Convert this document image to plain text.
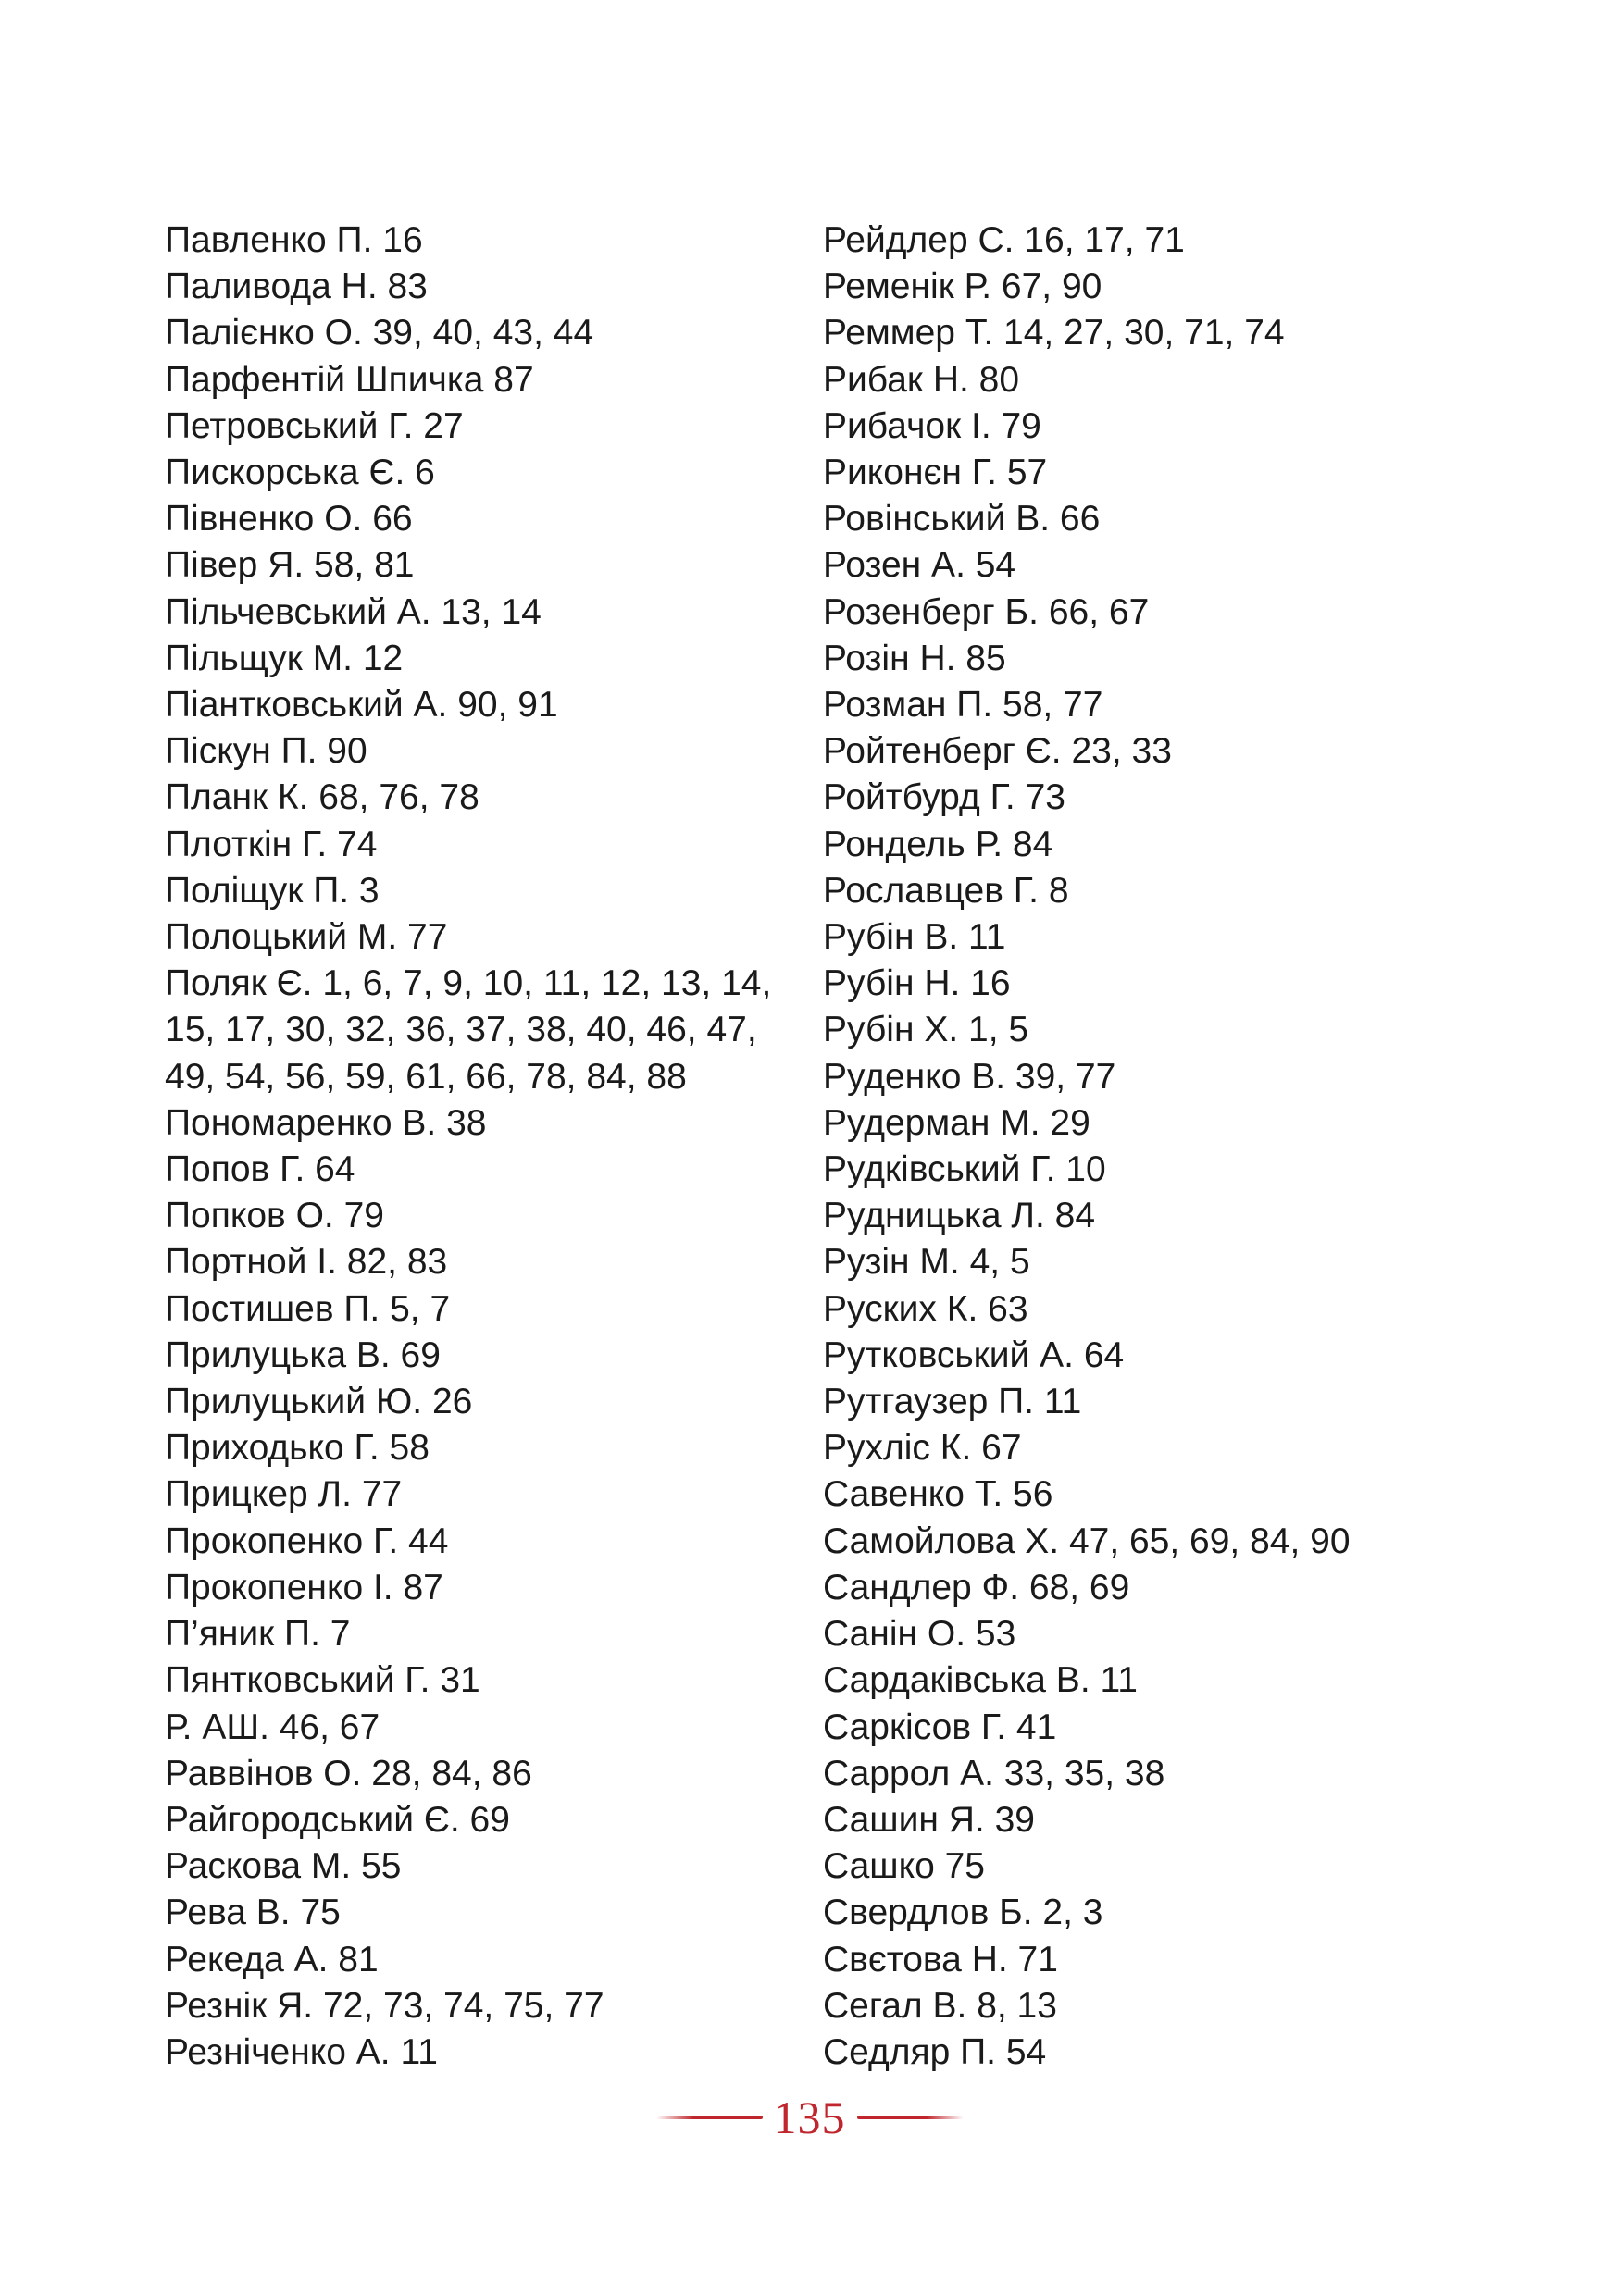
Павленко П. 16
Паливода Н. 83
Палієнко О. 39, 40, 43, 44
Парфентій Шпичка 87
Петровський Г. 27
Пискорська Є. 6
Півненко О. 66
Півер Я. 58, 81
Пільчевський А. 13, 14
Пільщук М. 12
Піантковський А. 90, 91
Піскун П. 90
Планк К. 68, 76, 78
Плоткін Г. 74
Поліщук П. 3
Полоцький М. 77
Поляк Є. 1, 6, 7, 9, 10, 11, 12, 13, 14,
15, 17, 30, 32, 36, 37, 38, 40, 46, 47,
49, 54, 56, 59, 61, 66, 78, 84, 88
Пономаренко В. 38
Попов Г. 64
Попков О. 79
Портной І. 82, 83
Постишев П. 5, 7
Прилуцька В. 69
Прилуцький Ю. 26
Приходько Г. 58
Прицкер Л. 77
Прокопенко Г. 44
Прокопенко І. 87
П’яник П. 7
Пянтковський Г. 31
Р. АШ. 46, 67
Раввінов О. 28, 84, 86
Райгородський Є. 69
Раскова М. 55
Рева В. 75
Рекеда А. 81
Резнік Я. 72, 73, 74, 75, 77
Резніченко А. 11
Рейдлер С. 16, 17, 71
Ременік Р. 67, 90
Реммер Т. 14, 27, 30, 71, 74
Рибак Н. 80
Рибачок І. 79
Риконєн Г. 57
Ровінський В. 66
Розен А. 54
Розенберг Б. 66, 67
Розін Н. 85
Розман П. 58, 77
Ройтенберг Є. 23, 33
Ройтбурд Г. 73
Рондель Р. 84
Рославцев Г. 8
Рубін В. 11
Рубін Н. 16
Рубін Х. 1, 5
Руденко В. 39, 77
Рудерман М. 29
Рудківський Г. 10
Рудницька Л. 84
Рузін М. 4, 5
Руских К. 63
Рутковський А. 64
Рутгаузер П. 11
Рухліс К. 67
Савенко Т. 56
Самойлова Х. 47, 65, 69, 84, 90
Сандлер Ф. 68, 69
Санін О. 53
Сардаківська В. 11
Саркісов Г. 41
Саррол А. 33, 35, 38
Сашин Я. 39
Сашко 75
Свердлов Б. 2, 3
Свєтова Н. 71
Сегал В. 8, 13
Седляр П. 54
135
